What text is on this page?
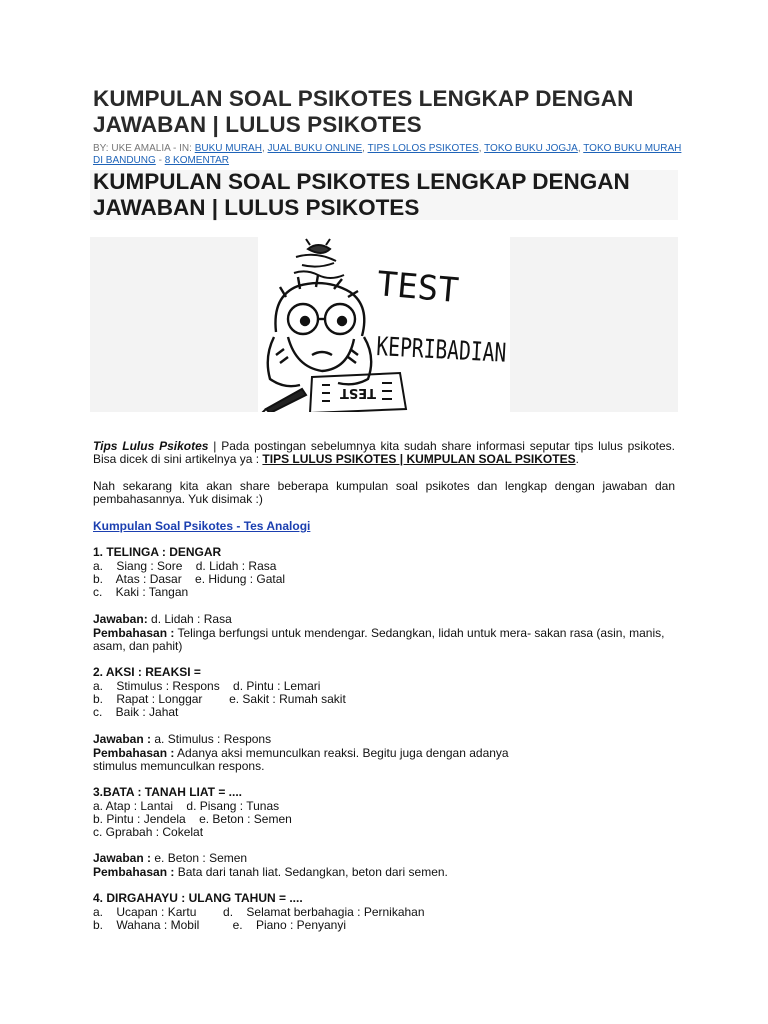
KUMPULAN SOAL PSIKOTES LENGKAP DENGAN JAWABAN | LULUS PSIKOTES
BY: UKE AMALIA - IN: BUKU MURAH, JUAL BUKU ONLINE, TIPS LOLOS PSIKOTES, TOKO BUKU JOGJA, TOKO BUKU MURAH DI BANDUNG - 8 KOMENTAR
KUMPULAN SOAL PSIKOTES LENGKAP DENGAN JAWABAN | LULUS PSIKOTES
TEST
TEST
KEPRIBADIAN
Tips Lulus Psikotes | Pada postingan sebelumnya kita sudah share informasi seputar tips lulus psikotes. Bisa dicek di sini artikelnya ya : TIPS LULUS PSIKOTES | KUMPULAN SOAL PSIKOTES.
Nah sekarang kita akan share beberapa kumpulan soal psikotes dan lengkap dengan jawaban dan pembahasannya. Yuk disimak :)
Kumpulan Soal Psikotes - Tes Analogi
1. TELINGA : DENGAR
a.    Siang : Sore    d. Lidah : Rasa
b.    Atas : Dasar    e. Hidung : Gatal
c.    Kaki : Tangan
Jawaban: d. Lidah : Rasa
Pembahasan : Telinga berfungsi untuk mendengar. Sedangkan, lidah untuk mera- sakan rasa (asin, manis, asam, dan pahit)
2. AKSI : REAKSI =
a.    Stimulus : Respons    d. Pintu : Lemari
b.    Rapat : Longgar        e. Sakit : Rumah sakit
c.    Baik : Jahat
Jawaban : a. Stimulus : Respons
Pembahasan : Adanya aksi memunculkan reaksi. Begitu juga dengan adanya stimulus memunculkan respons.
3.BATA : TANAH LIAT = ....
a. Atap : Lantai    d. Pisang : Tunas
b. Pintu : Jendela    e. Beton : Semen
c. Gprabah : Cokelat
Jawaban : e. Beton : Semen
Pembahasan : Bata dari tanah liat. Sedangkan, beton dari semen.
4. DIRGAHAYU : ULANG TAHUN = ....
a.    Ucapan : Kartu        d.    Selamat berbahagia : Pernikahan
b.    Wahana : Mobil          e.    Piano : Penyanyi
